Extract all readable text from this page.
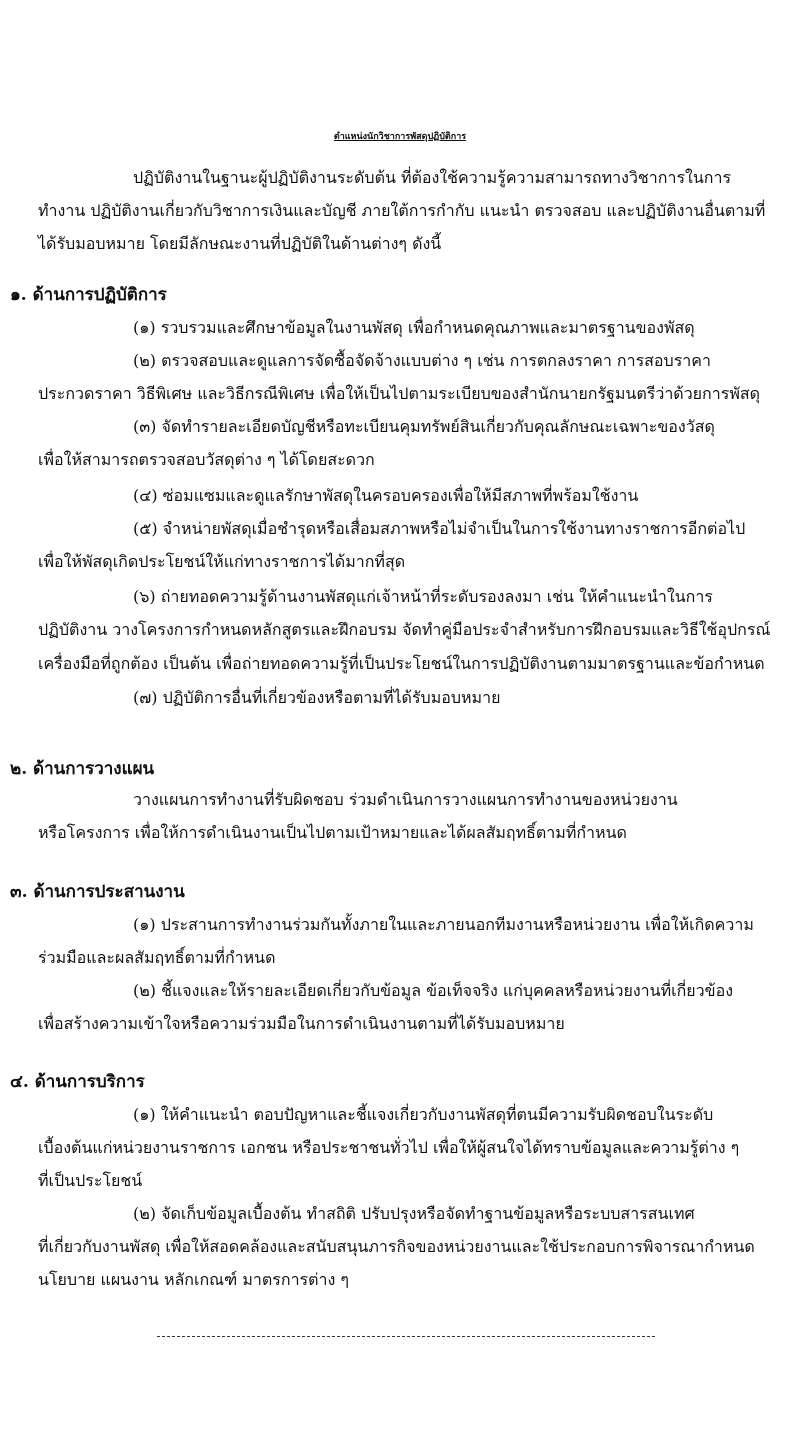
ตำแหน่งนักวิชาการพัสดุปฏิบัติการ
ปฏิบัติงานในฐานะผู้ปฏิบัติงานระดับต้น ที่ต้องใช้ความรู้ความสามารถทางวิชาการในการ
ทำงาน ปฏิบัติงานเกี่ยวกับวิชาการเงินและบัญชี ภายใต้การกำกับ แนะนำ ตรวจสอบ และปฏิบัติงานอื่นตามที่
ได้รับมอบหมาย โดยมีลักษณะงานที่ปฏิบัติในด้านต่างๆ ดังนี้
๑. ด้านการปฏิบัติการ
(๑) รวบรวมและศึกษาข้อมูลในงานพัสดุ เพื่อกำหนดคุณภาพและมาตรฐานของพัสดุ
(๒) ตรวจสอบและดูแลการจัดซื้อจัดจ้างแบบต่าง ๆ เช่น การตกลงราคา การสอบราคา
ประกวดราคา วิธีพิเศษ และวิธีกรณีพิเศษ เพื่อให้เป็นไปตามระเบียบของสำนักนายกรัฐมนตรีว่าด้วยการพัสดุ
(๓) จัดทำรายละเอียดบัญชีหรือทะเบียนคุมทรัพย์สินเกี่ยวกับคุณลักษณะเฉพาะของวัสดุ
เพื่อให้สามารถตรวจสอบวัสดุต่าง ๆ ได้โดยสะดวก
(๔) ซ่อมแซมและดูแลรักษาพัสดุในครอบครองเพื่อให้มีสภาพที่พร้อมใช้งาน
(๕) จำหน่ายพัสดุเมื่อชำรุดหรือเสื่อมสภาพหรือไม่จำเป็นในการใช้งานทางราชการอีกต่อไป
เพื่อให้พัสดุเกิดประโยชน์ให้แก่ทางราชการได้มากที่สุด
(๖) ถ่ายทอดความรู้ด้านงานพัสดุแก่เจ้าหน้าที่ระดับรองลงมา เช่น ให้คำแนะนำในการ
ปฏิบัติงาน วางโครงการกำหนดหลักสูตรและฝึกอบรม จัดทำคู่มือประจำสำหรับการฝึกอบรมและวิธีใช้อุปกรณ์
เครื่องมือที่ถูกต้อง เป็นต้น เพื่อถ่ายทอดความรู้ที่เป็นประโยชน์ในการปฏิบัติงานตามมาตรฐานและข้อกำหนด
(๗) ปฏิบัติการอื่นที่เกี่ยวข้องหรือตามที่ได้รับมอบหมาย
๒. ด้านการวางแผน
วางแผนการทำงานที่รับผิดชอบ ร่วมดำเนินการวางแผนการทำงานของหน่วยงาน
หรือโครงการ เพื่อให้การดำเนินงานเป็นไปตามเป้าหมายและได้ผลสัมฤทธิ์ตามที่กำหนด
๓. ด้านการประสานงาน
(๑) ประสานการทำงานร่วมกันทั้งภายในและภายนอกทีมงานหรือหน่วยงาน เพื่อให้เกิดความ
ร่วมมือและผลสัมฤทธิ์ตามที่กำหนด
(๒) ชี้แจงและให้รายละเอียดเกี่ยวกับข้อมูล ข้อเท็จจริง แก่บุคคลหรือหน่วยงานที่เกี่ยวข้อง
เพื่อสร้างความเข้าใจหรือความร่วมมือในการดำเนินงานตามที่ได้รับมอบหมาย
๔. ด้านการบริการ
(๑) ให้คำแนะนำ ตอบปัญหาและชี้แจงเกี่ยวกับงานพัสดุที่ตนมีความรับผิดชอบในระดับ
เบื้องต้นแก่หน่วยงานราชการ เอกชน หรือประชาชนทั่วไป เพื่อให้ผู้สนใจได้ทราบข้อมูลและความรู้ต่าง ๆ
ที่เป็นประโยชน์
(๒) จัดเก็บข้อมูลเบื้องต้น ทำสถิติ ปรับปรุงหรือจัดทำฐานข้อมูลหรือระบบสารสนเทศ
ที่เกี่ยวกับงานพัสดุ เพื่อให้สอดคล้องและสนับสนุนภารกิจของหน่วยงานและใช้ประกอบการพิจารณากำหนด
นโยบาย แผนงาน หลักเกณฑ์ มาตรการต่าง ๆ
